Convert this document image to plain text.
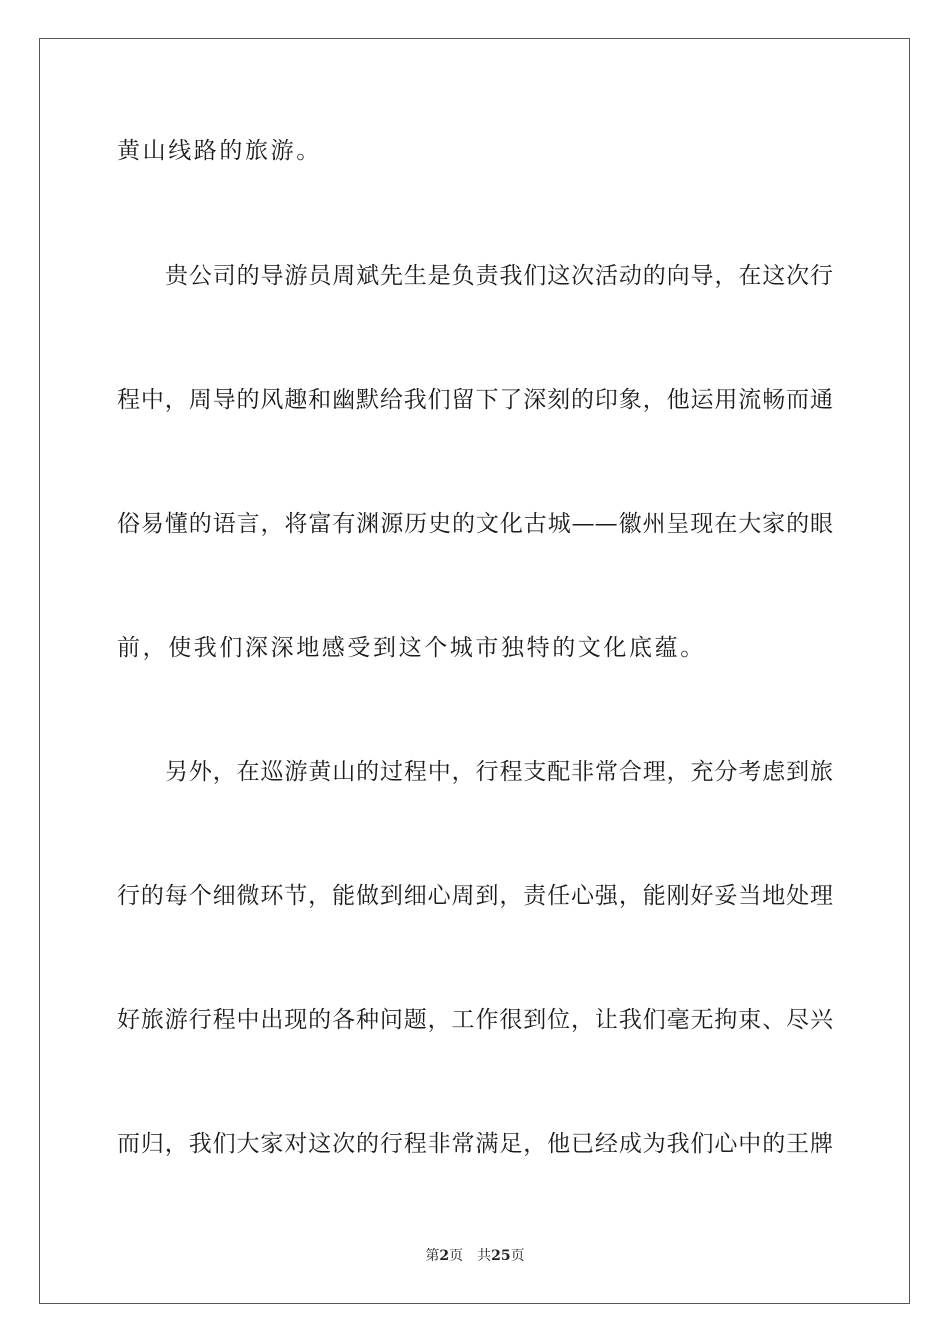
黄山线路的旅游。
贵公司的导游员周斌先生是负责我们这次活动的向导，在这次行
程中，周导的风趣和幽默给我们留下了深刻的印象，他运用流畅而通
俗易懂的语言，将富有渊源历史的文化古城——徽州呈现在大家的眼
前，使我们深深地感受到这个城市独特的文化底蕴。
另外，在巡游黄山的过程中，行程支配非常合理，充分考虑到旅
行的每个细微环节，能做到细心周到，责任心强，能刚好妥当地处理
好旅游行程中出现的各种问题，工作很到位，让我们毫无拘束、尽兴
而归，我们大家对这次的行程非常满足，他已经成为我们心中的王牌
第2页 共25页
